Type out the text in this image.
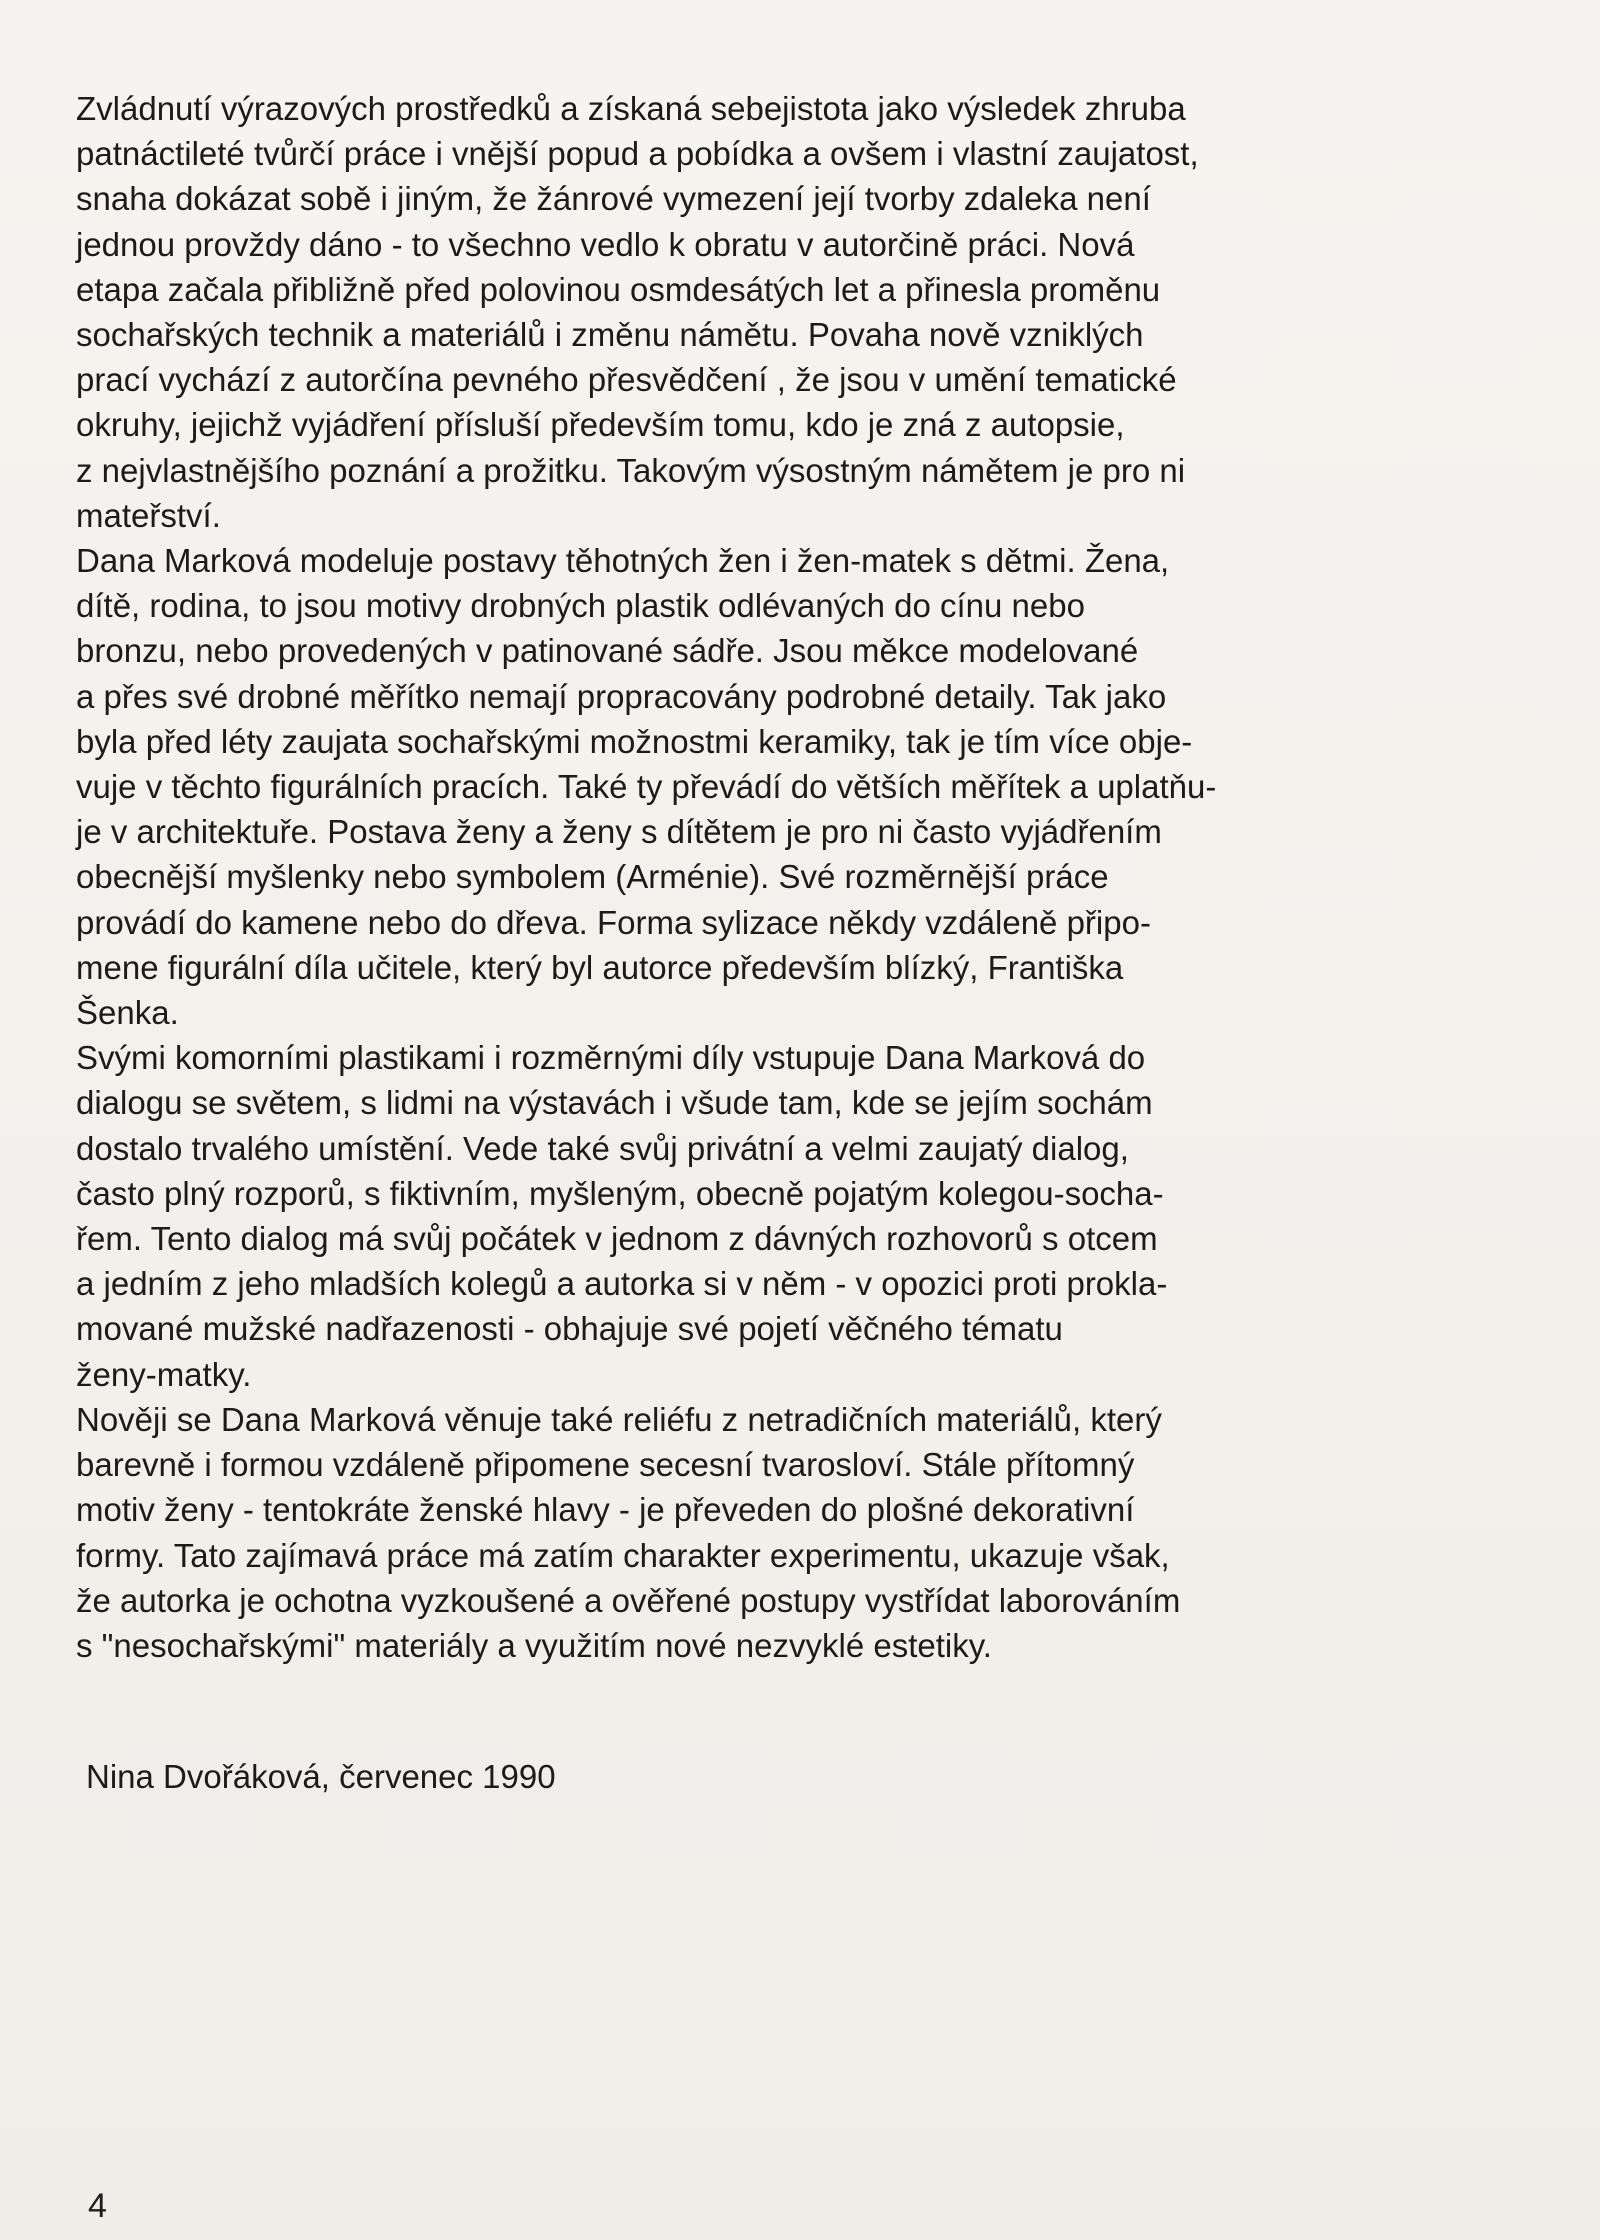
Zvládnutí výrazových prostředků a získaná sebejistota jako výsledek zhruba
patnáctileté tvůrčí práce i vnější popud a pobídka a ovšem i vlastní zaujatost,
snaha dokázat sobě i jiným, že žánrové vymezení její tvorby zdaleka není
jednou provždy dáno - to všechno vedlo k obratu v autorčině práci. Nová
etapa začala přibližně před polovinou osmdesátých let a přinesla proměnu
sochařských technik a materiálů i změnu námětu. Povaha nově vzniklých
prací vychází z autorčína pevného přesvědčení , že jsou v umění tematické
okruhy, jejichž vyjádření přísluší především tomu, kdo je zná z autopsie,
z nejvlastnějšího poznání a prožitku. Takovým výsostným námětem je pro ni
mateřství.

Dana Marková modeluje postavy těhotných žen i žen-matek s dětmi. Žena,
dítě, rodina, to jsou motivy drobných plastik odlévaných do cínu nebo
bronzu, nebo provedených v patinované sádře. Jsou měkce modelované
a přes své drobné měřítko nemají propracovány podrobné detaily. Tak jako
byla před léty zaujata sochařskými možnostmi keramiky, tak je tím více obje-
vuje v těchto figurálních pracích. Také ty převádí do větších měřítek a uplatňu-
je v architektuře. Postava ženy a ženy s dítětem je pro ni často vyjádřením
obecnější myšlenky nebo symbolem (Arménie). Své rozměrnější práce
provádí do kamene nebo do dřeva. Forma sylizace někdy vzdáleně připo-
mene figurální díla učitele, který byl autorce především blízký, Františka
Šenka.

Svými komorními plastikami i rozměrnými díly vstupuje Dana Marková do
dialogu se světem, s lidmi na výstavách i všude tam, kde se jejím sochám
dostalo trvalého umístění. Vede také svůj privátní a velmi zaujatý dialog,
často plný rozporů, s fiktivním, myšleným, obecně pojatým kolegou-socha-
řem. Tento dialog má svůj počátek v jednom z dávných rozhovorů s otcem
a jedním z jeho mladších kolegů a autorka si v něm - v opozici proti prokla-
mované mužské nadřazenosti - obhajuje své pojetí věčného tématu
ženy-matky.

Nověji se Dana Marková věnuje také reliéfu z netradičních materiálů, který
barevně i formou vzdáleně připomene secesní tvarosloví. Stále přítomný
motiv ženy - tentokráte ženské hlavy - je převeden do plošné dekorativní
formy. Tato zajímavá práce má zatím charakter experimentu, ukazuje však,
že autorka je ochotna vyzkoušené a ověřené postupy vystřídat laborováním
s "nesochařskými" materiály a využitím nové nezvyklé estetiky.

Nina Dvořáková, červenec 1990

4
